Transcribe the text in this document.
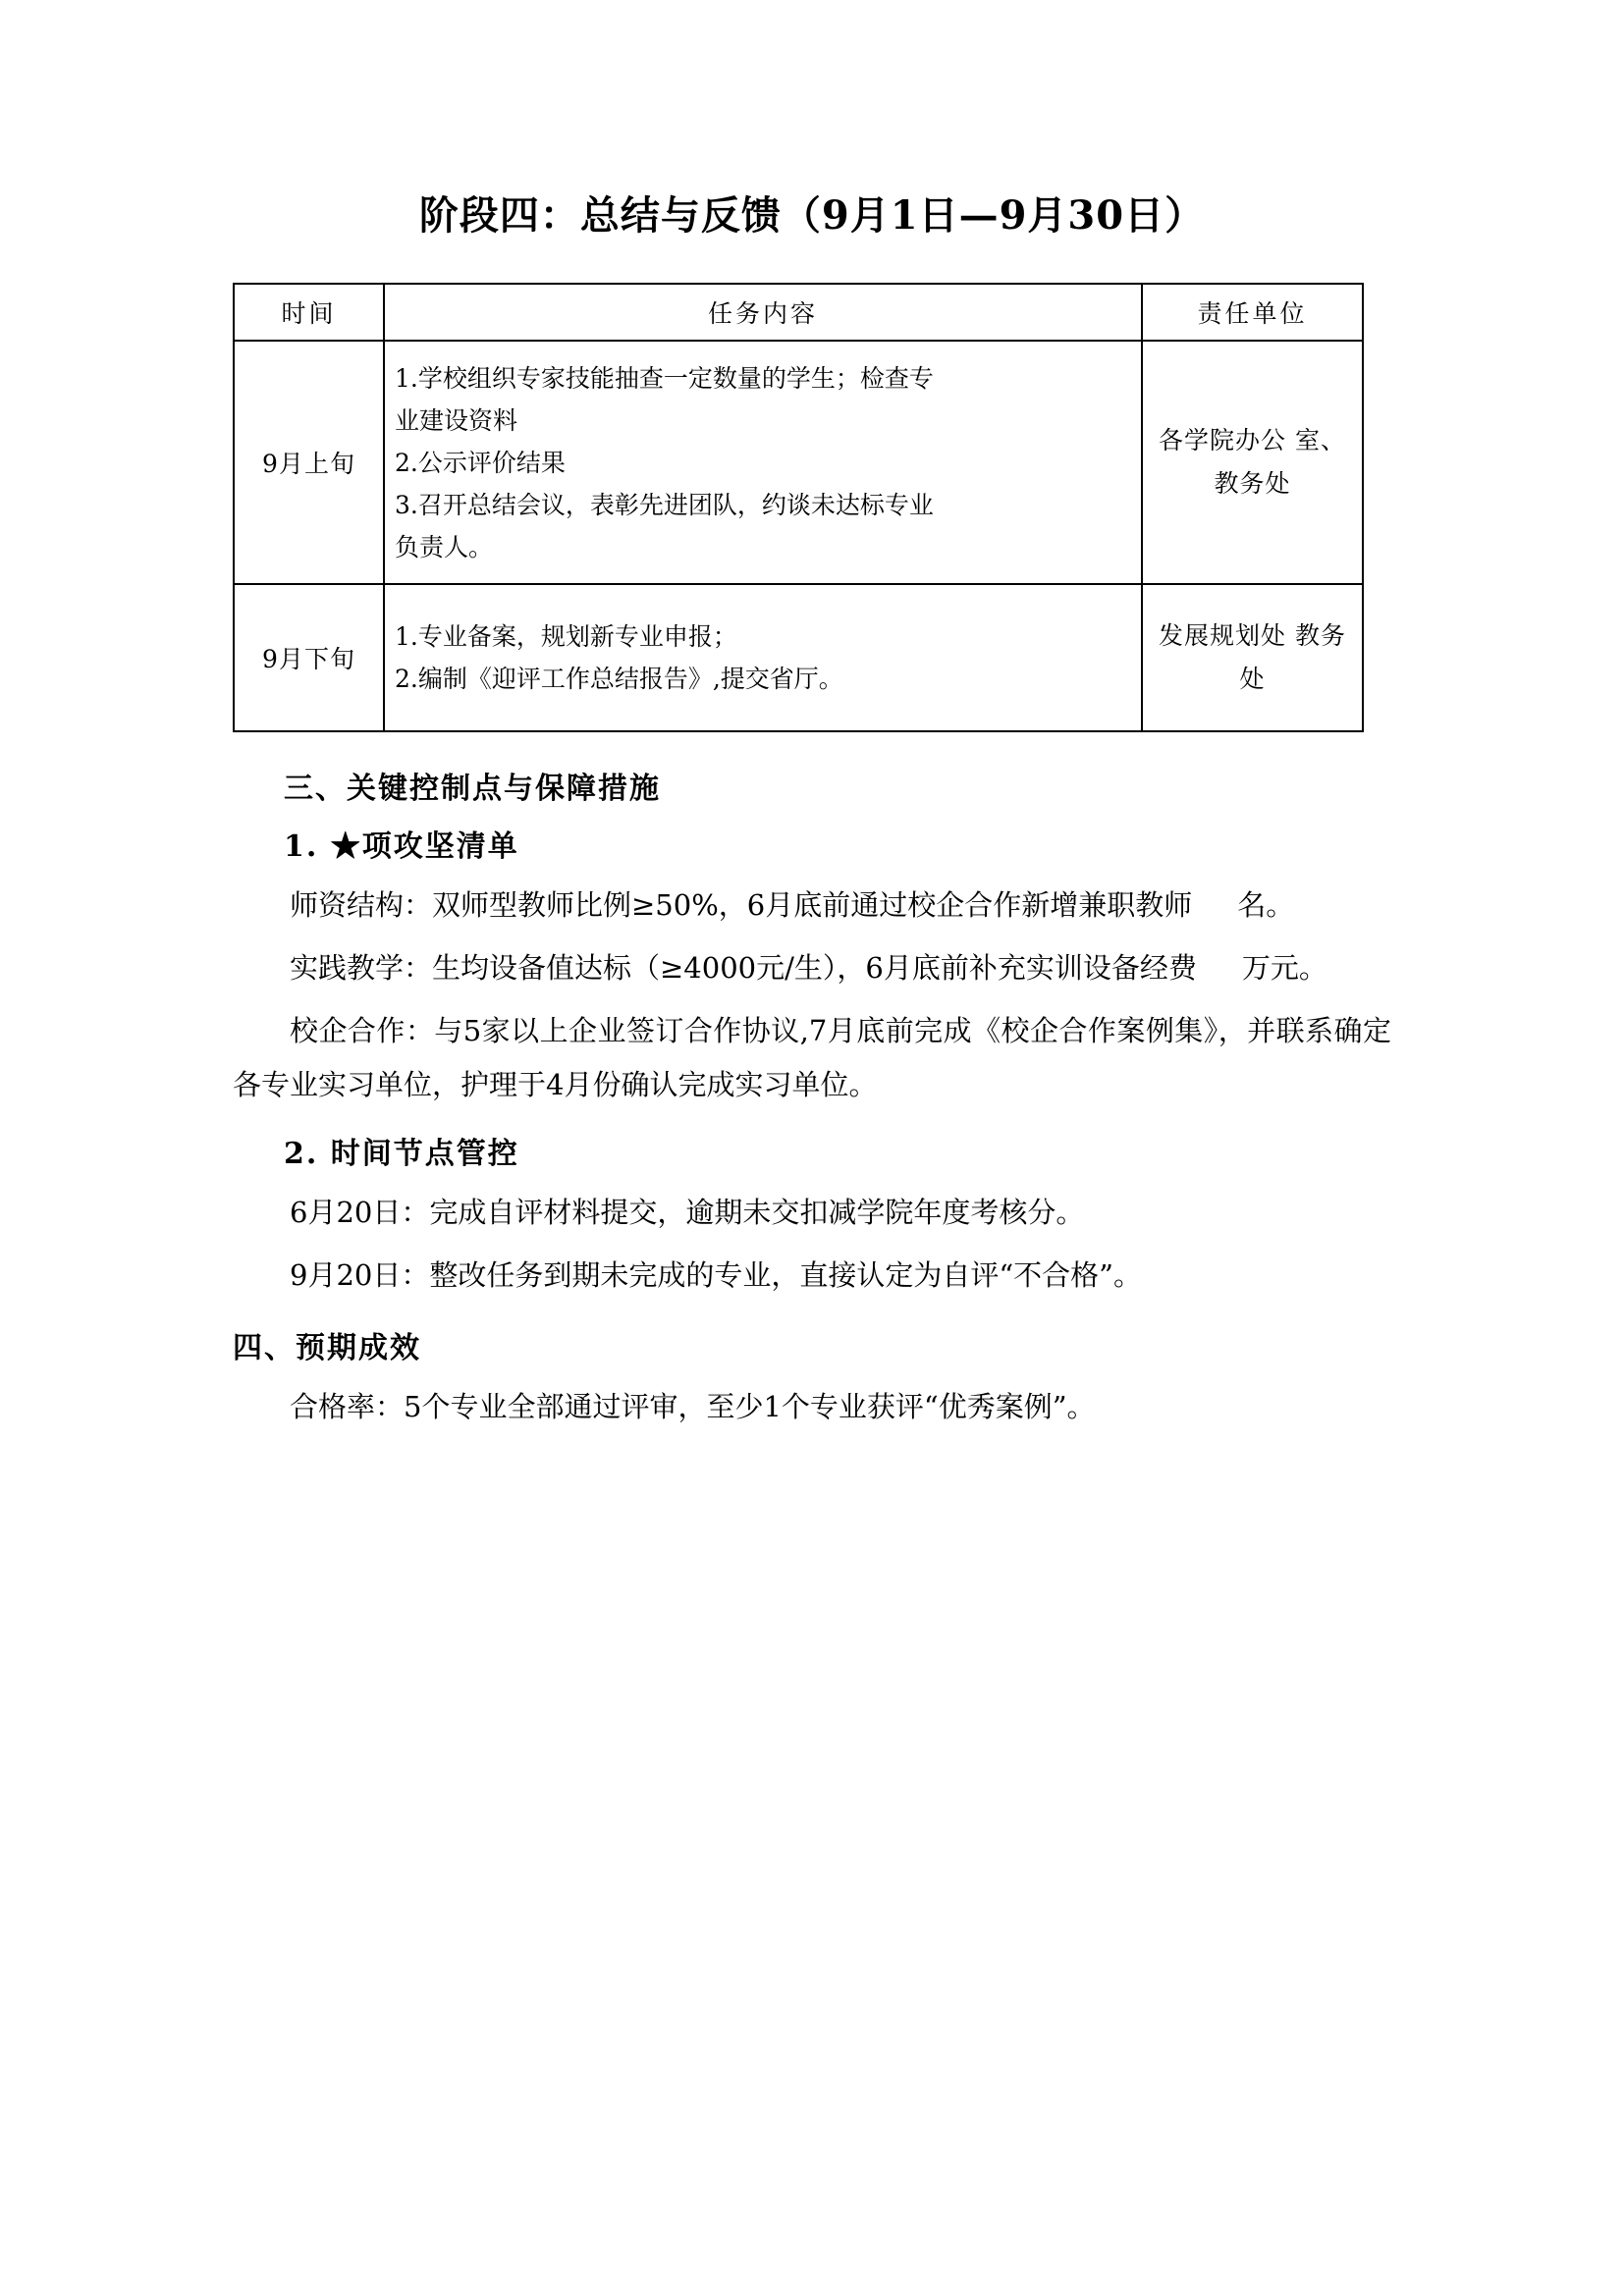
阶段四：总结与反馈（9月1日—9月30日）
时间	任务内容	责任单位
9月上旬	1.学校组织专家技能抽查一定数量的学生；检查专
业建设资料
2.公示评价结果
3.召开总结会议，表彰先进团队，约谈未达标专业
负责人。	各学院办公 室、教务处
9月下旬	1.专业备案，规划新专业申报；
2.编制《迎评工作总结报告》,提交省厅。	发展规划处 教务处
三、关键控制点与保障措施
1. ★项攻坚清单

师资结构：双师型教师比例≥50%，6月底前通过校企合作新增兼职教师 名。

实践教学：生均设备值达标（≥4000元/生），6月底前补充实训设备经费 万元。

校企合作：与5家以上企业签订合作协议,7月底前完成《校企合作案例集》，并联系确定各专业实习单位，护理于4月份确认完成实习单位。

2. 时间节点管控

6月20日：完成自评材料提交，逾期未交扣减学院年度考核分。

9月20日：整改任务到期未完成的专业，直接认定为自评“不合格”。

四、预期成效

合格率：5个专业全部通过评审，至少1个专业获评“优秀案例”。
